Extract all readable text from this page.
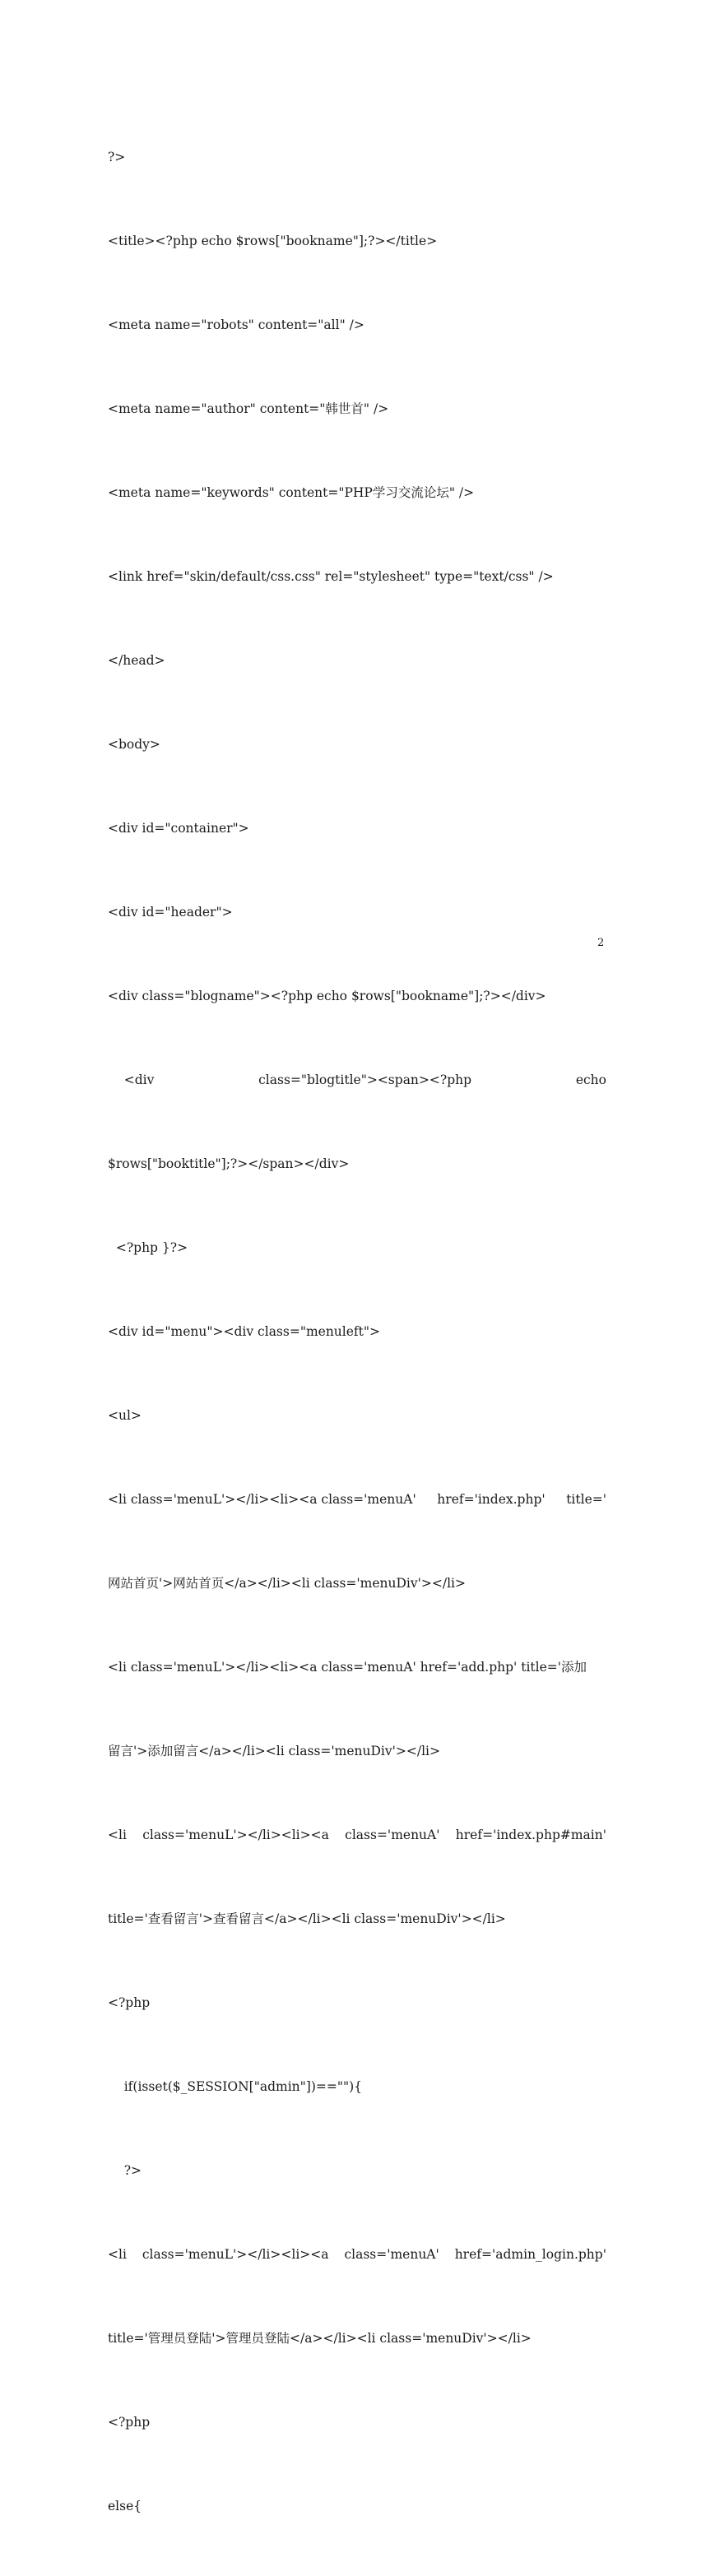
?>

<title><?php echo $rows["bookname"];?></title>

<meta name="robots" content="all" />

<meta name="author" content="韩世首" />

<meta name="keywords" content="PHP学习交流论坛" />

<link href="skin/default/css.css" rel="stylesheet" type="text/css" />

</head>

<body>

<div id="container">

<div id="header">

<div class="blogname"><?php echo $rows["bookname"];?></div>

<div	class="blogtitle"><span><?php	echo

$rows["booktitle"];?></span></div>

<?php }?>

<div id="menu"><div class="menuleft">

<ul>

<li class='menuL'></li><li><a class='menuA' href='index.php' title='

网站首页'>网站首页</a></li><li class='menuDiv'></li>

<li class='menuL'></li><li><a class='menuA' href='add.php' title='添加

留言'>添加留言</a></li><li class='menuDiv'></li>

<li class='menuL'></li><li><a class='menuA' href='index.php#main'

title='查看留言'>查看留言</a></li><li class='menuDiv'></li>

<?php

if(isset($_SESSION["admin"])==""){

?>

<li class='menuL'></li><li><a class='menuA' href='admin_login.php'

title='管理员登陆'>管理员登陆</a></li><li class='menuDiv'></li>

<?php

else{

2
